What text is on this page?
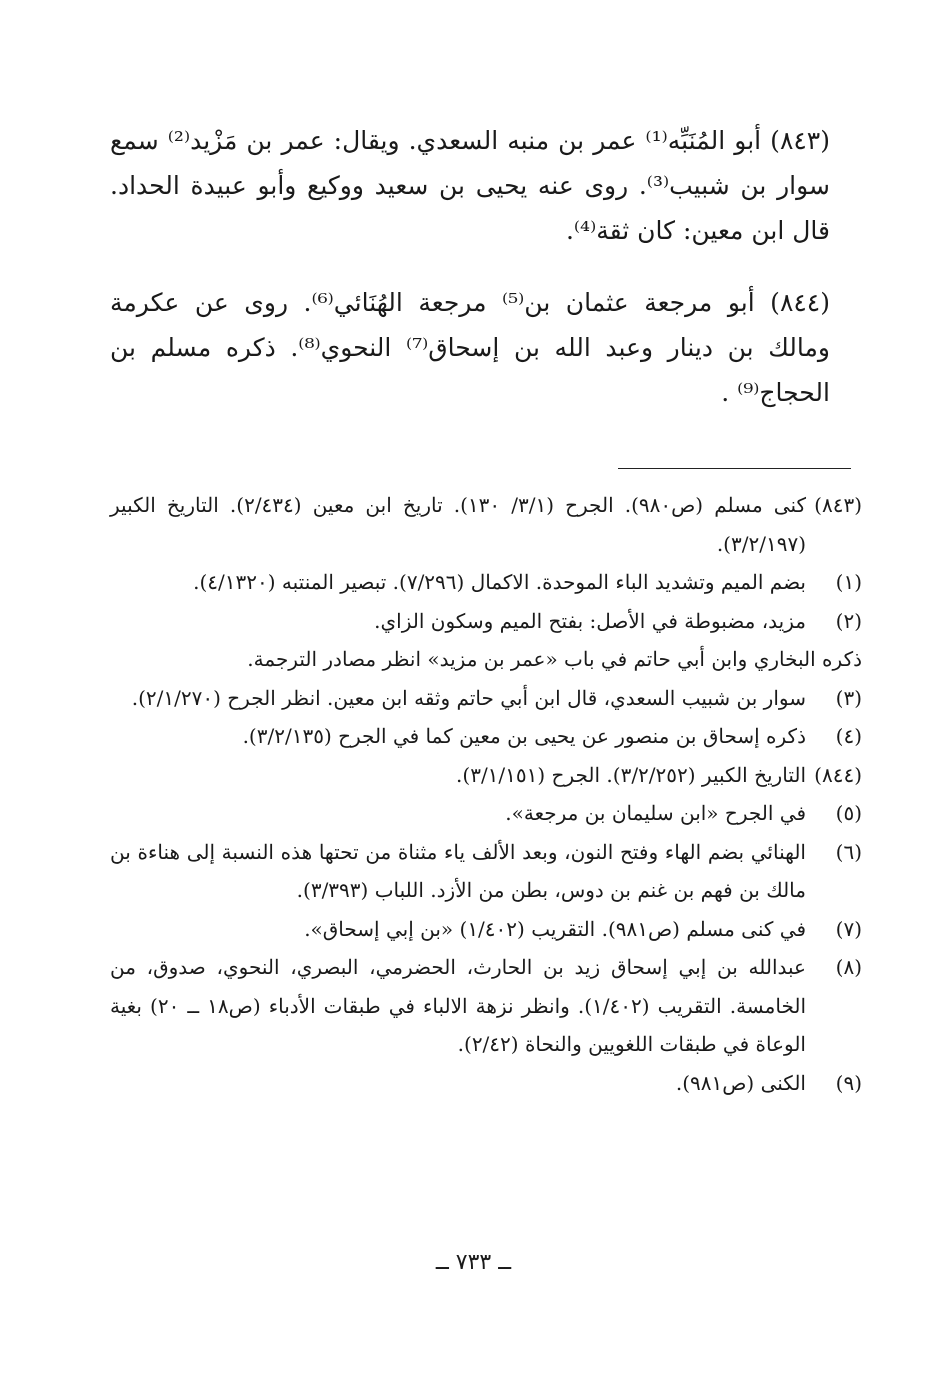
(٨٤٣) أبو المُنَبِّه⁽¹⁾ عمر بن منبه السعدي. ويقال: عمر بن مَزْيد⁽²⁾ سمع سوار بن شبيب⁽³⁾. روى عنه يحيى بن سعيد ووكيع وأبو عبيدة الحداد. قال ابن معين: كان ثقة⁽⁴⁾.

(٨٤٤) أبو مرجعة عثمان بن⁽⁵⁾ مرجعة الهُنَائي⁽⁶⁾. روى عن عكرمة ومالك بن دينار وعبد الله بن إسحاق⁽⁷⁾ النحوي⁽⁸⁾. ذكره مسلم بن الحجاج⁽⁹⁾ .

(٨٤٣)
كنى مسلم (ص٩٨٠). الجرح (٣/١/ ١٣٠). تاريخ ابن معين (٢/٤٣٤). التاريخ الكبير (٣/٢/١٩٧).
(١)
بضم الميم وتشديد الباء الموحدة. الاكمال (٧/٢٩٦). تبصير المنتبه (٤/١٣٢٠).
(٢)
مزيد، مضبوطة في الأصل: بفتح الميم وسكون الزاي.
ذكره البخاري وابن أبي حاتم في باب «عمر بن مزيد» انظر مصادر الترجمة.
(٣)
سوار بن شبيب السعدي، قال ابن أبي حاتم وثقه ابن معين. انظر الجرح (٢/١/٢٧٠).
(٤)
ذكره إسحاق بن منصور عن يحيى بن معين كما في الجرح (٣/٢/١٣٥).
(٨٤٤)
التاريخ الكبير (٣/٢/٢٥٢). الجرح (٣/١/١٥١).
(٥)
في الجرح «ابن سليمان بن مرجعة».
(٦)
الهنائي بضم الهاء وفتح النون، وبعد الألف ياء مثناة من تحتها هذه النسبة إلى هناءة بن مالك بن فهم بن غنم بن دوس، بطن من الأزد. اللباب (٣/٣٩٣).
(٧)
في كنى مسلم (ص٩٨١). التقريب (١/٤٠٢) «بن إبي إسحاق».
(٨)
عبدالله بن إبي إسحاق زيد بن الحارث، الحضرمي، البصري، النحوي، صدوق، من الخامسة. التقريب (١/٤٠٢). وانظر نزهة الالباء في طبقات الأدباء (ص١٨ ــ ٢٠) بغية الوعاة في طبقات اللغويين والنحاة (٢/٤٢).
(٩)
الكنى (ص٩٨١).
ــ ٧٣٣ ــ
